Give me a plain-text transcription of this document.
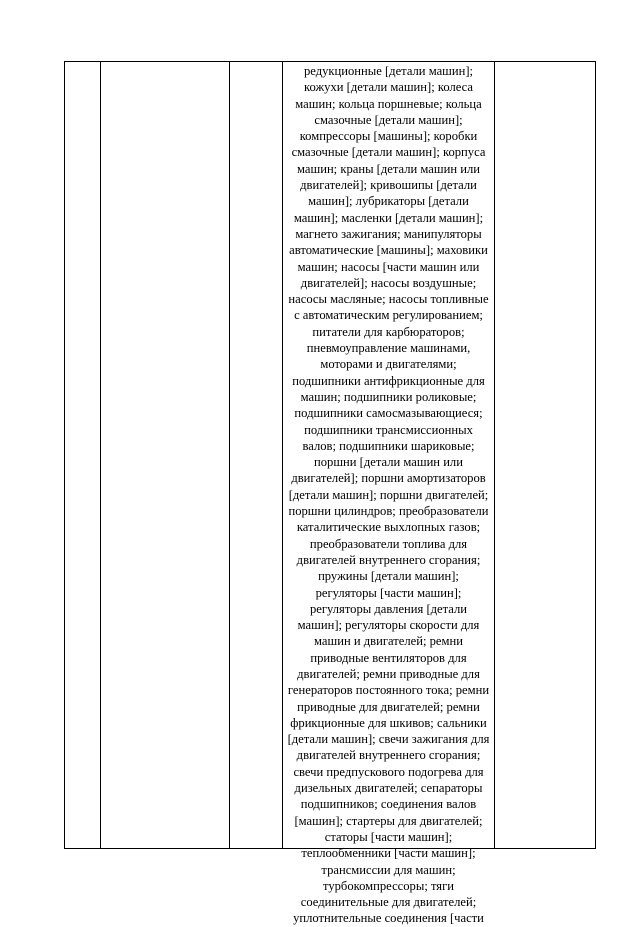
редукционные [детали машин];
кожухи [детали машин]; колеса
машин; кольца поршневые; кольца
смазочные [детали машин];
компрессоры [машины]; коробки
смазочные [детали машин]; корпуса
машин; краны [детали машин или
двигателей]; кривошипы [детали
машин]; лубрикаторы [детали
машин]; масленки [детали машин];
магнето зажигания; манипуляторы
автоматические [машины]; маховики
машин; насосы [части машин или
двигателей]; насосы воздушные;
насосы масляные; насосы топливные
с автоматическим регулированием;
питатели для карбюраторов;
пневмоуправление машинами,
моторами и двигателями;
подшипники антифрикционные для
машин; подшипники роликовые;
подшипники самосмазывающиеся;
подшипники трансмиссионных
валов; подшипники шариковые;
поршни [детали машин или
двигателей]; поршни амортизаторов
[детали машин]; поршни двигателей;
поршни цилиндров; преобразователи
каталитические выхлопных газов;
преобразователи топлива для
двигателей внутреннего сгорания;
пружины [детали машин];
регуляторы [части машин];
регуляторы давления [детали
машин]; регуляторы скорости для
машин и двигателей; ремни
приводные вентиляторов для
двигателей; ремни приводные для
генераторов постоянного тока; ремни
приводные для двигателей; ремни
фрикционные для шкивов; сальники
[детали машин]; свечи зажигания для
двигателей внутреннего сгорания;
свечи предпускового подогрева для
дизельных двигателей; сепараторы
подшипников; соединения валов
[машин]; стартеры для двигателей;
статоры [части машин];
теплообменники [части машин];
трансмиссии для машин;
турбокомпрессоры; тяги
соединительные для двигателей;
уплотнительные соединения [части
